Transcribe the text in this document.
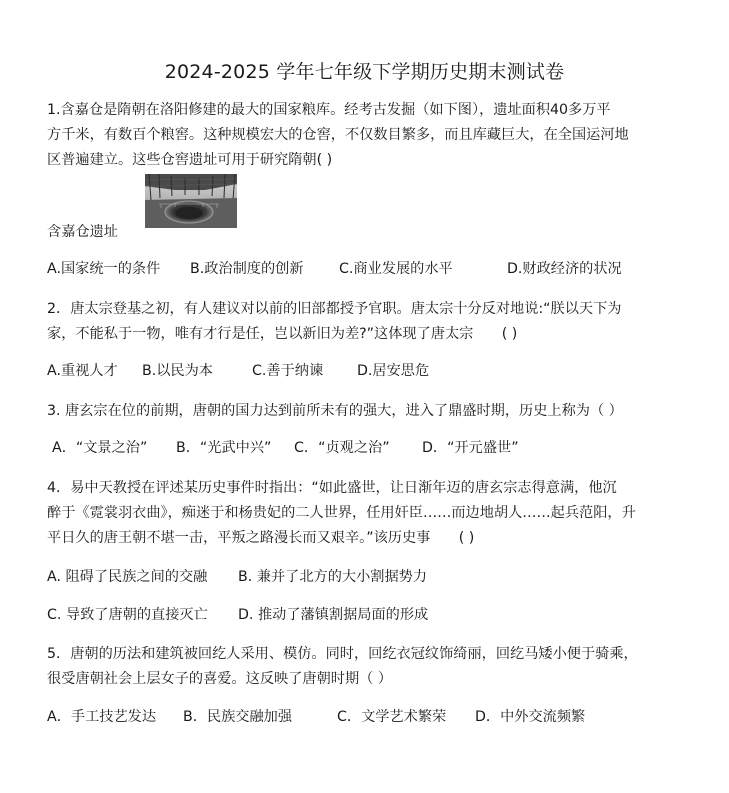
2024-2025 学年七年级下学期历史期末测试卷
1.含嘉仓是隋朝在洛阳修建的最大的国家粮库。经考古发掘（如下图），遗址面积40多万平
方千米，有数百个粮窖。这种规模宏大的仓窖，不仅数目繁多，而且库藏巨大，在全国运河地
区普遍建立。这些仓窖遗址可用于研究隋朝( )
含嘉仓遗址
A.国家统一的条件 B.政治制度的创新 C.商业发展的水平	D.财政经济的状况
2．唐太宗登基之初，有人建议对以前的旧部都授予官职。唐太宗十分反对地说:“朕以天下为
家，不能私于一物，唯有才行是任，岂以新旧为差?”这体现了唐太宗　　( )
A.重视人才 B.以民为本	C.善于纳谏 D.居安思危
3. 唐玄宗在位的前期，唐朝的国力达到前所未有的强大，进入了鼎盛时期，历史上称为（ ）
A．“文景之治” B．“光武中兴” C．“贞观之治” D．“开元盛世”
4．易中天教授在评述某历史事件时指出：“如此盛世，让日渐年迈的唐玄宗志得意满，他沉
醉于《霓裳羽衣曲》，痴迷于和杨贵妃的二人世界，任用奸臣……而边地胡人……起兵范阳，升
平日久的唐王朝不堪一击，平叛之路漫长而又艰辛。”该历史事　　( )
A. 阻碍了民族之间的交融 B. 兼并了北方的大小割据势力
C. 导致了唐朝的直接灭亡 D. 推动了藩镇割据局面的形成
5．唐朝的历法和建筑被回纥人采用、模仿。同时，回纥衣冠纹饰绮丽，回纥马矮小便于骑乘，
很受唐朝社会上层女子的喜爱。这反映了唐朝时期（ ）
A．手工技艺发达 B．民族交融加强	C．文学艺术繁荣 D．中外交流频繁
